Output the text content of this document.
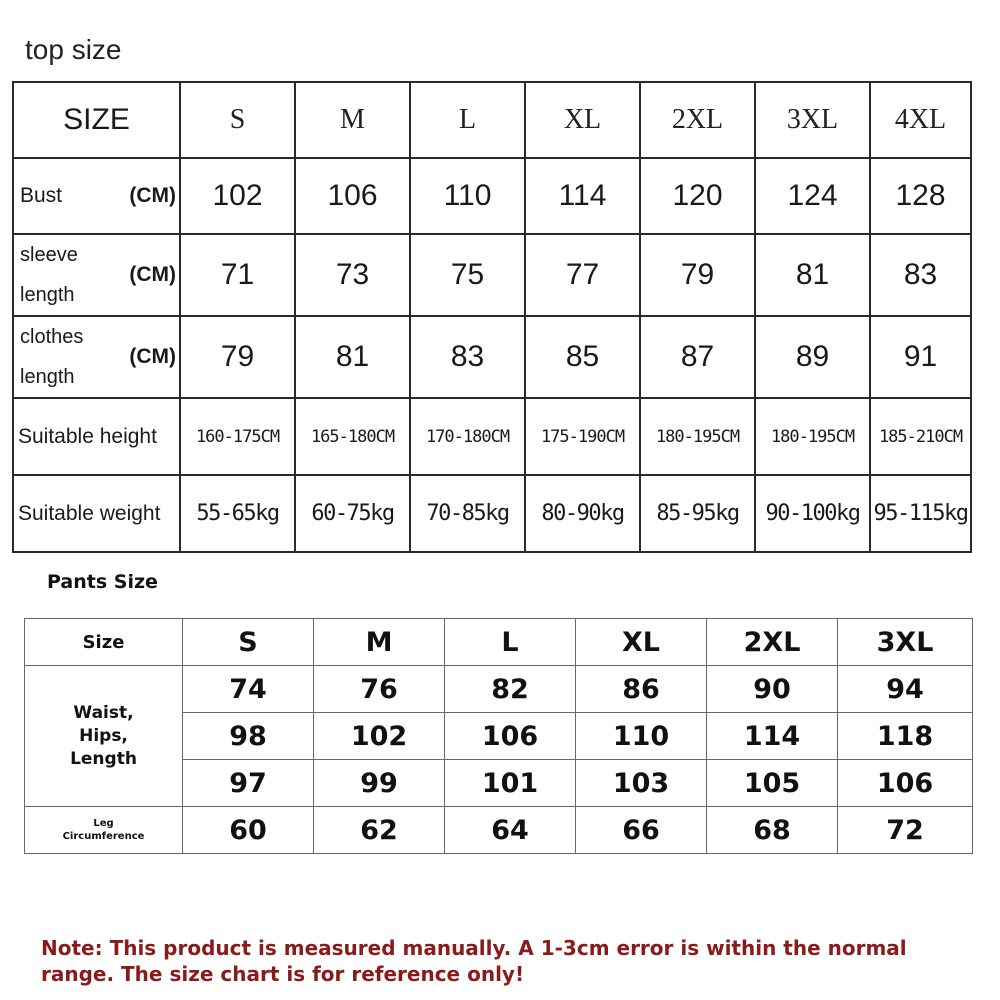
top size
SIZE	S	M	L	XL	2XL	3XL	4XL

Bust (CM)	102	106	110	114	120	124	128

sleeve
length
(CM)	71	73	75	77	79	81	83

clothes
length
(CM)	79	81	83	85	87	89	91
Suitable height	160-175CM	165-180CM	170-180CM	175-190CM	180-195CM	180-195CM	185-210CM
Suitable weight	55-65kg	60-75kg	70-85kg	80-90kg	85-95kg	90-100kg	95-115kg
Pants Size
Size	S	M	L	XL	2XL	3XL

Waist,
Hips,
Length	74	76	82	86	90	94
	98	102	106	110	114	118
	97	99	101	103	105	106

Leg
Circumference	60	62	64	66	68	72
Note: This product is measured manually. A 1-3cm error is within the normal range. The size chart is for reference only!
